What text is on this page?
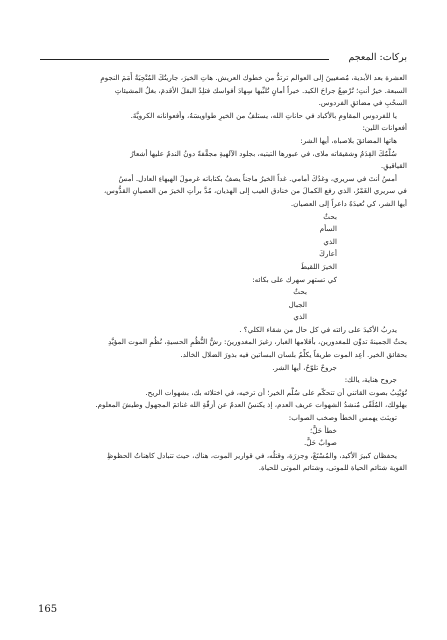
بركات: المعجم
العشرة بعد الأبدية، مُصغيينَ إلى العوالم ترتدُّ من خطوك العريش. هاتِ الخيرَ، جاريتُكَ المُتْحِيَةُ أُمَمَ النجومِ
السبعة. خيرٌ أنتِ؛ تُرْضِعُ جراحَ الكيد. خيراً أمانٍ تُلبِّيها سِهادَ أفواسك فتلِدُ البقلَ الأقدمَ، بغلُ المشيئاتِ
السحُبِ في مضائقِ الفردوس.
يا للفردوس المقاومِ بالأكباد في حاناتِ الله، يستلفُ من الخيرِ طواويسَهُ، وأفعوانانه الكرويَّةَ.
أفعوانات اللين:
هاتها المضائقَ بلاصباه، أيها الشر:
سُلَّمٌكَ القِدَمُ وشقيقاته ملاى، في عبورها التيتيه، بجلود الآلهيةِ مجقَّفةً دونُ الندمُ عليها أشعارُ
القياقيقِ.
أمسُ أنتَ في سريري، وغدُكَ أمامي. غداً الخيرُ ماجناً يصفُ بكتاباته غرمولَ الهيهاءِ العادل. أمسُ
في سريري الغَمْرُ، الذي رفع الكمالَ من خنادق الغيب إلى الهذيان، مُدَّ برأتِ الخيرَ من العصيانِ القدُّوس،
أيها الشر، كي تُعيدَهُ داعراً إلى العصيان.
بحثٌ
السأم
الذي
أعاركَ
الخيرَ اللقيطَ
كي تستهر سهرك على بكائه:
بحثٌ
الجبال
الذي
يدربُ الأكيدَ على رائته في كل حال من شقاء الكلي؟ .
بحثٌ الجمينةَ تدوِّن للمغدورين، بأقلامها الغبار، زغيرَ المغدورينَ: رشُّ النُّظُمِ الحسيةِ، نُظُمِ الموت المؤيَّدِ
بحقائق الخير. أعِد الموت طريقاً يكلِّمُ بلسان البساتين فيه بذورَ الضلال الخالد.
جروحٌ تلوّحُ، أيها الشر.
جروح هناية، يالك:
تُوَيْنِبُ بصوت القاتني أن تتحكّم على سُلَّم الخير؛ أن ترخيه، في اختلائه بك، بشهوات الريح.
بهلولك، المُلَفّى مُنشدُ الشهوات عريف العدم، إذ يكنسُ العدمُ عن أزقّةِ الله غنائمَ المجهول وطيشَ المعلوم.
تويثث يهمس الخطأ وصخب الصواب:
خطأٌ حَلٌّ؛
صوابٌ حَلٌّ.
يحفظان كبيرَ الأكيد، والمُسْتَعْ، وجزرَة، وقتلُه، في قوارير الموت، هناك، حيث تتبادل كاهناتُ الحظوظِ
القوية شتائم الحياة للموتى، وشتائم الموتى للحياة.
165
